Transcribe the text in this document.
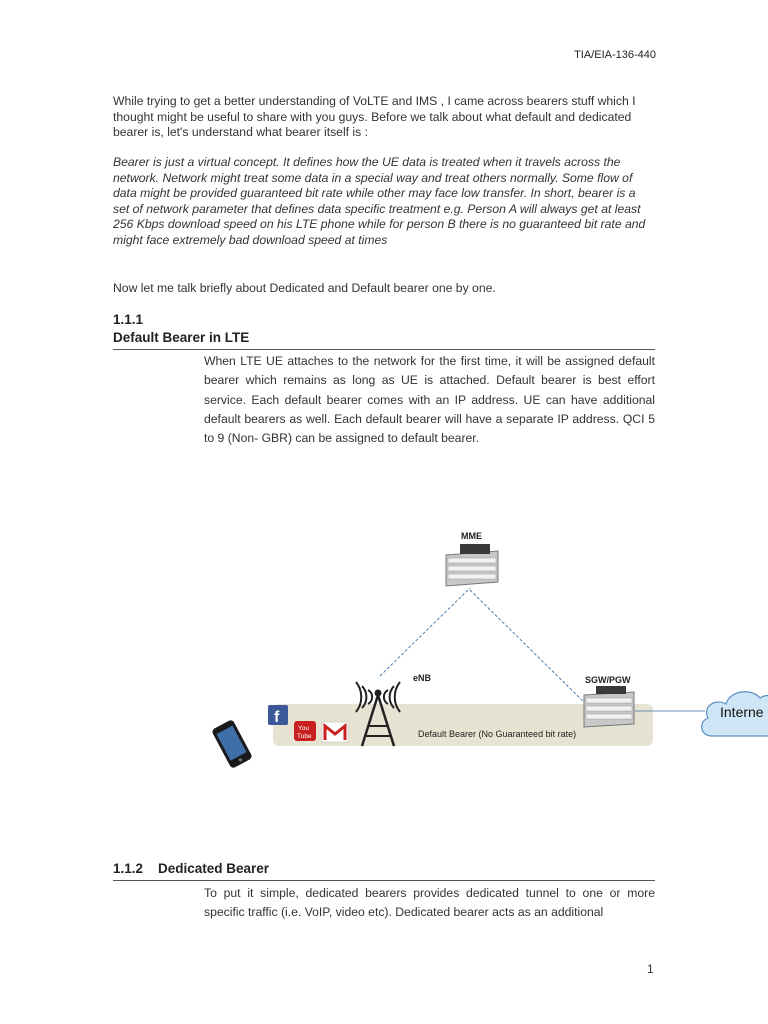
TIA/EIA-136-440
While trying to get a better understanding of VoLTE and IMS , I came across bearers stuff which I thought might be useful to share with you guys. Before we talk about what default and dedicated bearer is, let's understand what bearer itself is :
Bearer is just a virtual concept. It defines how the UE data is treated when it travels across the network. Network might treat some data in a special way and treat others normally. Some flow of data might be provided guaranteed bit rate while other may face low transfer. In short, bearer is a set of network parameter that defines data specific treatment e.g. Person A will always get at least 256 Kbps download speed on his LTE phone while for person B there is no guaranteed bit rate and might face extremely bad download speed at times
Now let me talk briefly about Dedicated and Default bearer one by one.
1.1.1
Default Bearer in LTE
When LTE UE attaches to the network for the first time, it will be assigned default bearer which remains as long as UE is attached. Default bearer is best effort service. Each default bearer comes with an IP address. UE can have additional default bearers as well. Each default bearer will have a separate IP address. QCI 5 to 9 (Non- GBR) can be assigned to default bearer.
MME
SGW/PGW
eNB
Default Bearer (No Guaranteed bit rate)
f
You
Tube
Interne
1.1.2 Dedicated Bearer
To put it simple, dedicated bearers provides dedicated tunnel to one or more specific traffic (i.e. VoIP, video etc). Dedicated bearer acts as an additional
1
